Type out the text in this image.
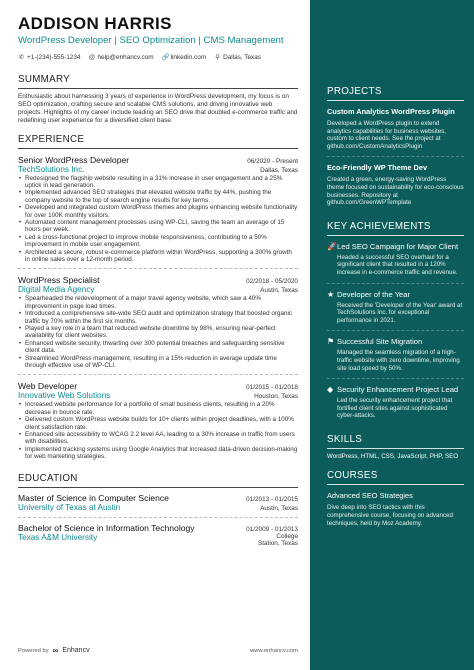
ADDISON HARRIS
WordPress Developer | SEO Optimization | CMS Management
✆ +1-(234)-555-1234 @ help@enhancv.com 🔗 linkedin.com ⚲ Dallas, Texas
SUMMARY
Enthusiastic about harnessing 3 years of experience in WordPress development, my focus is on SEO optimization, crafting secure and scalable CMS solutions, and driving innovative web projects. Highlights of my career include leading an SEO drive that doubled e-commerce traffic and redefining user experience for a diversified client base.
EXPERIENCE
Senior WordPress Developer	06/2020 - Present
TechSolutions Inc.	Dallas, Texas
• Redesigned the flagship website resulting in a 31% increase in user engagement and a 25% uptick in lead generation.
• Implemented advanced SEO strategies that elevated website traffic by 44%, pushing the company website to the top of search engine results for key terms.
• Developed and integrated custom WordPress themes and plugins enhancing website functionality for over 100K monthly visitors.
• Automated content management processes using WP-CLI, saving the team an average of 15 hours per week.
• Led a cross-functional project to improve mobile responsiveness, contributing to a 50% improvement in mobile user engagement.
• Architected a secure, robust e-commerce platform within WordPress, supporting a 300% growth in online sales over a 12-month period.
WordPress Specialist	02/2018 - 05/2020
Digital Media Agency	Austin, Texas
• Spearheaded the redevelopment of a major travel agency website, which saw a 40% improvement in page load times.
• Introduced a comprehensive site-wide SEO audit and optimization strategy that boosted organic traffic by 70% within the first six months.
• Played a key role in a team that reduced website downtime by 98%, ensuring near-perfect availability for client websites.
• Enhanced website security, thwarting over 300 potential breaches and safeguarding sensitive client data.
• Streamlined WordPress management, resulting in a 15% reduction in average update time through effective use of WP-CLI.
Web Developer	01/2015 - 01/2018
Innovative Web Solutions	Houston, Texas
• Increased website performance for a portfolio of small business clients, resulting in a 20% decrease in bounce rate.
• Delivered custom WordPress website builds for 10+ clients within project deadlines, with a 100% client satisfaction rate.
• Enhanced site accessibility to WCAG 2.2 level AA, leading to a 30% increase in traffic from users with disabilities.
• Implemented tracking systems using Google Analytics that increased data-driven decision-making for web marketing strategies.
EDUCATION
Master of Science in Computer Science	01/2013 - 01/2015
University of Texas at Austin	Austin, Texas
Bachelor of Science in Information Technology	01/2009 - 01/2013
Texas A&M University	College Station, Texas
Powered by ∞ Enhancv	www.enhancv.com
PROJECTS
Custom Analytics WordPress Plugin
Developed a WordPress plugin to extend analytics capabilities for business websites, custom to client needs. See the project at github.com/CustomAnalyticsPlugin
Eco-Friendly WP Theme Dev
Created a green, energy-saving WordPress theme focused on sustainability for eco-conscious businesses. Repository at github.com/GreenWPTemplate
KEY ACHIEVEMENTS
🚀 Led SEO Campaign for Major Client
Headed a successful SEO overhaul for a significant client that resulted in a 120% increase in e-commerce traffic and revenue.
★ Developer of the Year
Received the 'Developer of the Year' award at TechSolutions Inc. for exceptional performance in 2021.
⚑ Successful Site Migration
Managed the seamless migration of a high-traffic website with zero downtime, improving site load speed by 50%.
◆ Security Enhancement Project Lead
Led the security enhancement project that fortified client sites against sophisticated cyber-attacks.
SKILLS
WordPress, HTML, CSS, JavaScript, PHP, SEO
COURSES
Advanced SEO Strategies
Dive deep into SEO tactics with this comprehensive course, focusing on advanced techniques, held by Moz Academy.
